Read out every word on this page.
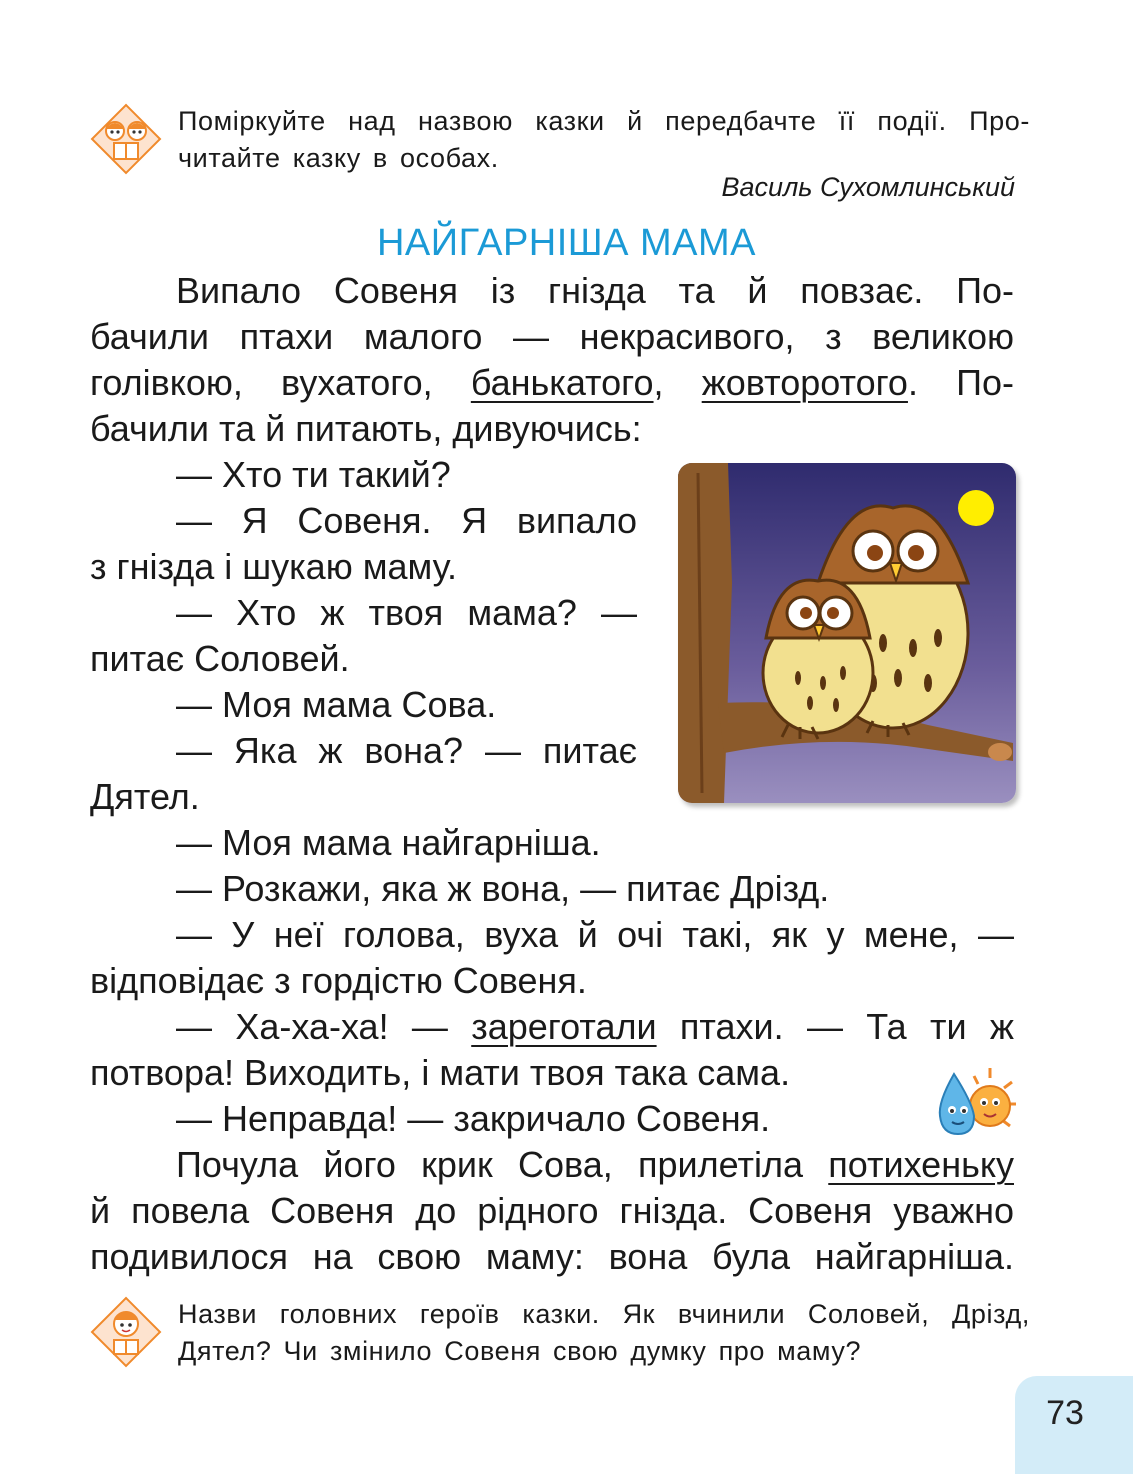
Поміркуйте над назвою казки й передбачте її події. Про-
читайте казку в особах.
Василь Сухомлинський
НАЙГАРНІША МАМА
Випало Совеня із гнізда та й повзає. По-
бачили птахи малого — некрасивого, з великою
голівкою, вухатого, банькатого, жовторотого. По-
бачили та й питають, дивуючись:
— Хто ти такий?
— Я Совеня. Я випало
з гнізда і шукаю маму.
— Хто ж твоя мама? —
питає Соловей.
— Моя мама Сова.
— Яка ж вона? — питає
Дятел.
— Моя мама найгарніша.
— Розкажи, яка ж вона, — питає Дрізд.
— У неї голова, вуха й очі такі, як у мене, —
відповідає з гордістю Совеня.
— Ха-ха-ха! — зареготали птахи. — Та ти ж
потвора! Виходить, і мати твоя така сама.
— Неправда! — закричало Совеня.
Почула його крик Сова, прилетіла потихеньку
й повела Совеня до рідного гнізда. Совеня уважно
подивилося на свою маму: вона була найгарніша.
Назви головних героїв казки. Як вчинили Соловей, Дрізд,
Дятел? Чи змінило Совеня свою думку про маму?
73
